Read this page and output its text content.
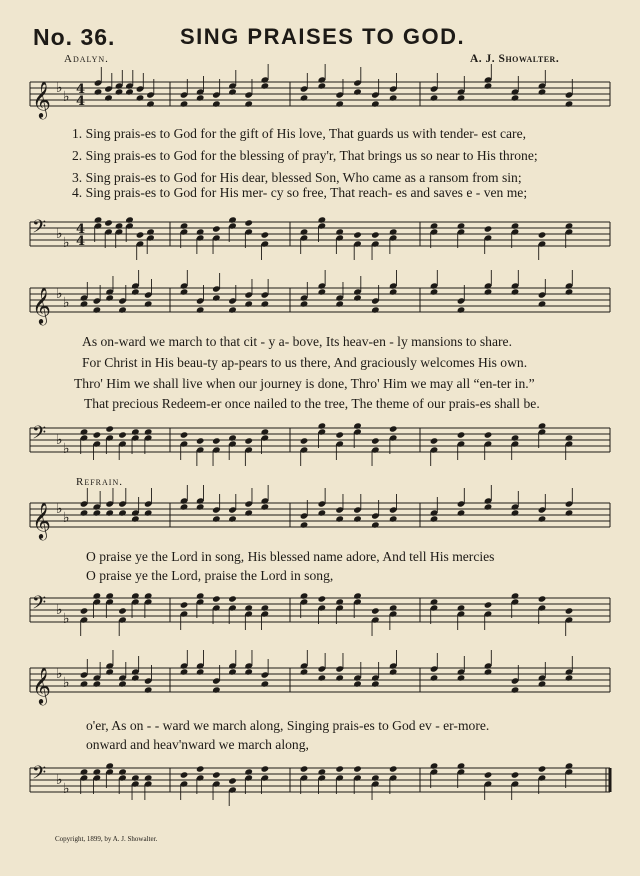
No. 36.	SING PRAISES TO GOD.
Adalyn.	A. J. Showalter.
𝄞 ♭
♭ 4
4
1. Sing prais-es to God for the gift of His love, That guards us with tender- est care,
2. Sing prais-es to God for the blessing of pray'r, That brings us so near to His throne;
3. Sing prais-es to God for His dear, blessed Son, Who came as a ransom from sin;
4. Sing prais-es to God for His mer- cy so free, That reach- es and saves e - ven me;
𝄢 ♭
♭
4
4
𝄞 ♭
♭
As on-ward we march to that cit - y a- bove, Its heav-en - ly mansions to share.
For Christ in His beau-ty ap-pears to us there, And graciously welcomes His own.
Thro' Him we shall live when our journey is done, Thro' Him we may all “en-ter in.”
That precious Redeem-er once nailed to the tree, The theme of our prais-es shall be.
𝄢 ♭
♭
Refrain.
𝄞 ♭
♭
O praise ye the Lord in song, His blessed name adore, And tell His mercies
O praise ye the Lord, praise the Lord in song,
𝄢 ♭
♭
𝄞 ♭
♭
o'er, As on - - ward we march along, Singing prais-es to God ev - er-more.
onward and heav'nward we march along,
𝄢 ♭
♭
Copyright, 1899, by A. J. Showalter.
